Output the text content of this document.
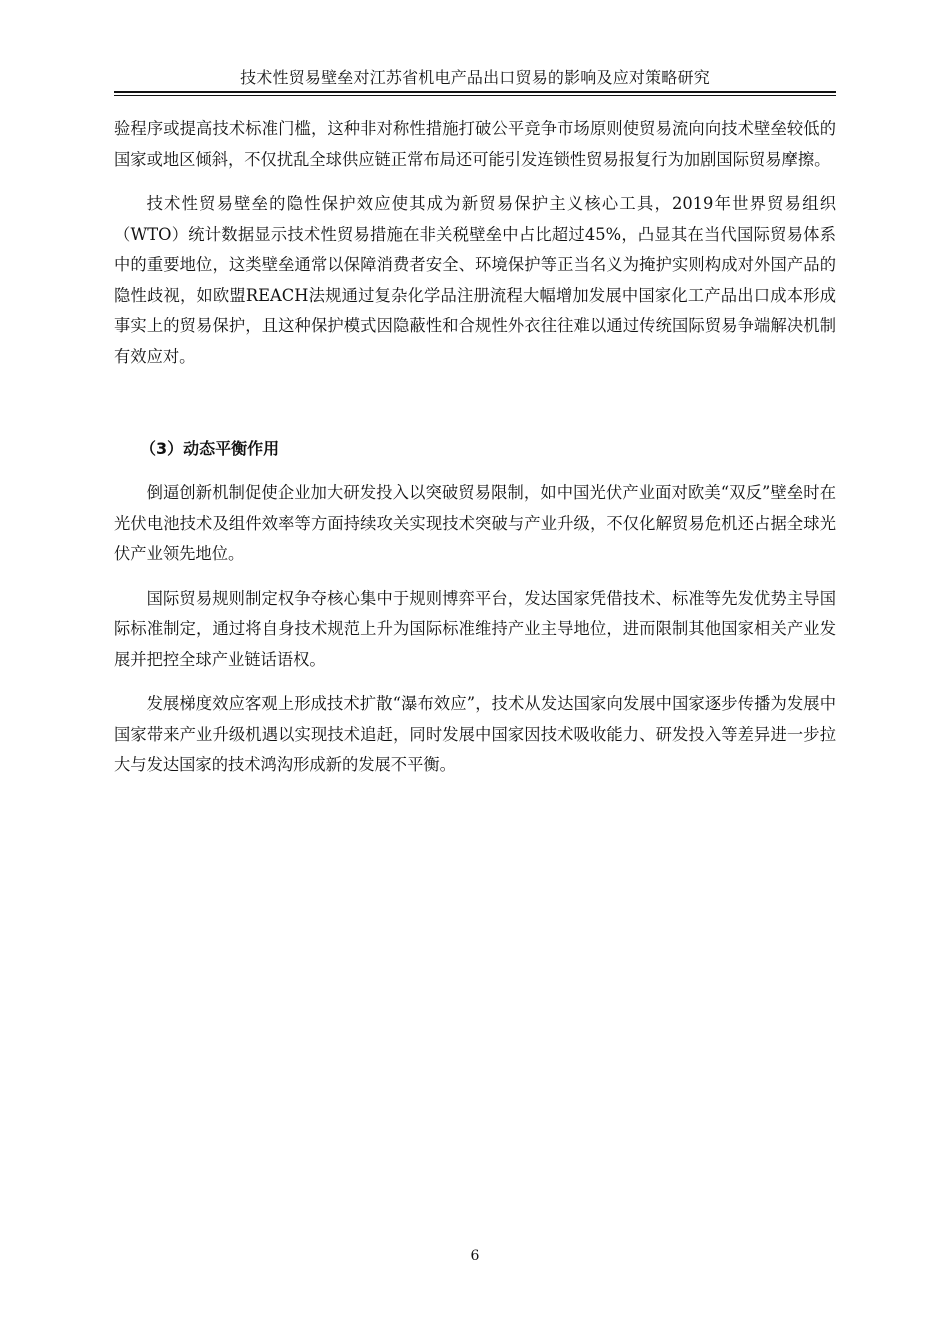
技术性贸易壁垒对江苏省机电产品出口贸易的影响及应对策略研究

验程序或提高技术标准门槛，这种非对称性措施打破公平竞争市场原则使贸易流向向技术壁垒较低的国家或地区倾斜，不仅扰乱全球供应链正常布局还可能引发连锁性贸易报复行为加剧国际贸易摩擦。

技术性贸易壁垒的隐性保护效应使其成为新贸易保护主义核心工具，2019年世界贸易组织（WTO）统计数据显示技术性贸易措施在非关税壁垒中占比超过45%，凸显其在当代国际贸易体系中的重要地位，这类壁垒通常以保障消费者安全、环境保护等正当名义为掩护实则构成对外国产品的隐性歧视，如欧盟REACH法规通过复杂化学品注册流程大幅增加发展中国家化工产品出口成本形成事实上的贸易保护，且这种保护模式因隐蔽性和合规性外衣往往难以通过传统国际贸易争端解决机制有效应对。

（3）动态平衡作用

倒逼创新机制促使企业加大研发投入以突破贸易限制，如中国光伏产业面对欧美“双反”壁垒时在光伏电池技术及组件效率等方面持续攻关实现技术突破与产业升级，不仅化解贸易危机还占据全球光伏产业领先地位。

国际贸易规则制定权争夺核心集中于规则博弈平台，发达国家凭借技术、标准等先发优势主导国际标准制定，通过将自身技术规范上升为国际标准维持产业主导地位，进而限制其他国家相关产业发展并把控全球产业链话语权。

发展梯度效应客观上形成技术扩散“瀑布效应”，技术从发达国家向发展中国家逐步传播为发展中国家带来产业升级机遇以实现技术追赶，同时发展中国家因技术吸收能力、研发投入等差异进一步拉大与发达国家的技术鸿沟形成新的发展不平衡。

6
